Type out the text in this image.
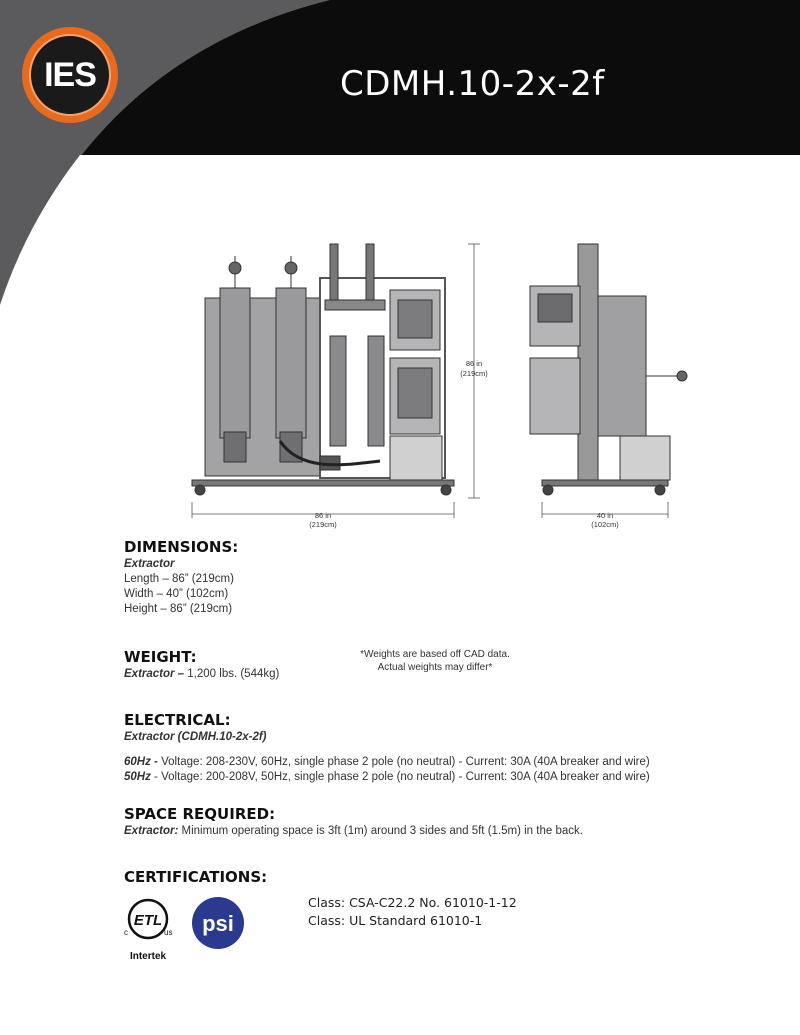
IES	CDMH.10-2x-2f
86 in
(219cm)
86 in
(219cm)
40 in
(102cm)
DIMENSIONS:
Extractor
Length – 86” (219cm)
Width – 40” (102cm)
Height – 86” (219cm)
WEIGHT:
Extractor – 1,200 lbs. (544kg)
*Weights are based off CAD data.
Actual weights may differ*
ELECTRICAL:
Extractor (CDMH.10-2x-2f)
60Hz - Voltage: 208-230V, 60Hz, single phase 2 pole (no neutral) - Current: 30A (40A breaker and wire)
50Hz - Voltage: 200-208V, 50Hz, single phase 2 pole (no neutral) - Current: 30A (40A breaker and wire)
SPACE REQUIRED:
Extractor: Minimum operating space is 3ft (1m) around 3 sides and 5ft (1.5m) in the back.
CERTIFICATIONS:
ETL
c	us
Intertek
psi
Class: CSA-C22.2 No. 61010-1-12
Class: UL Standard 61010-1
